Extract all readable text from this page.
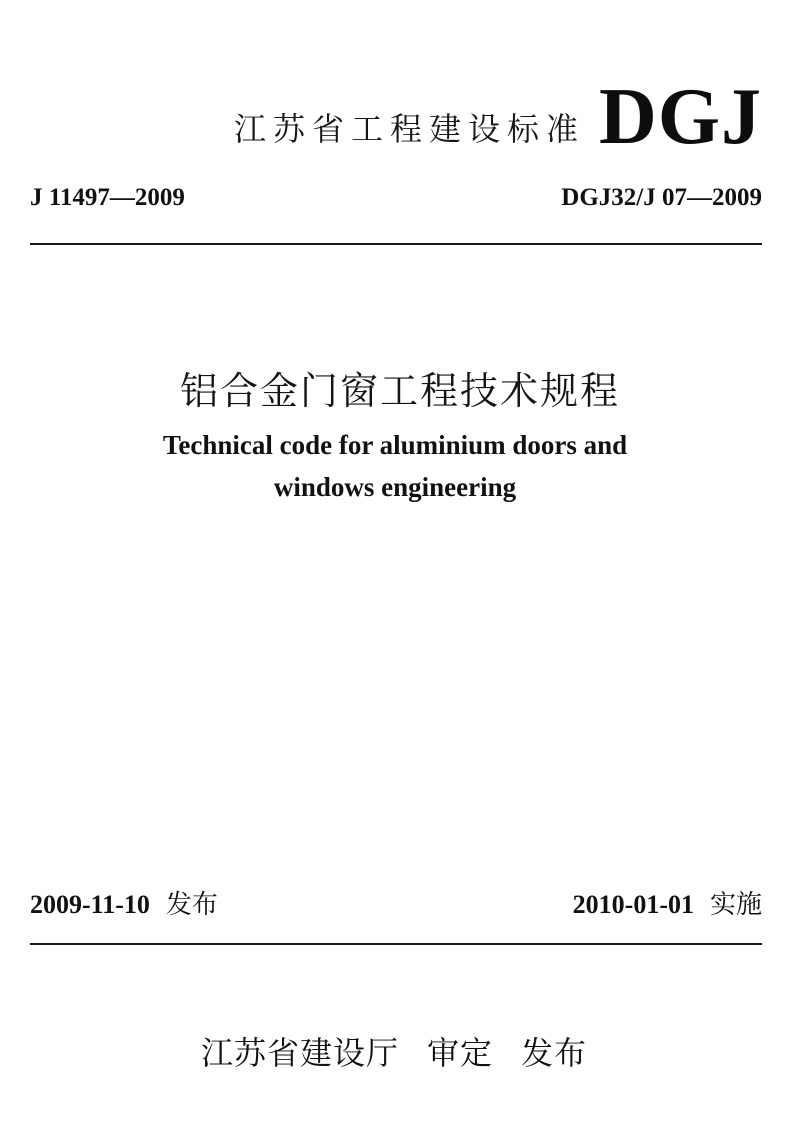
江苏省工程建设标准 DGJ
J 11497—2009	DGJ32/J 07—2009
铝合金门窗工程技术规程
Technical code for aluminium doors and
windows engineering
2009-11-10 发布	2010-01-01 实施
江苏省建设厅 审定 发布
